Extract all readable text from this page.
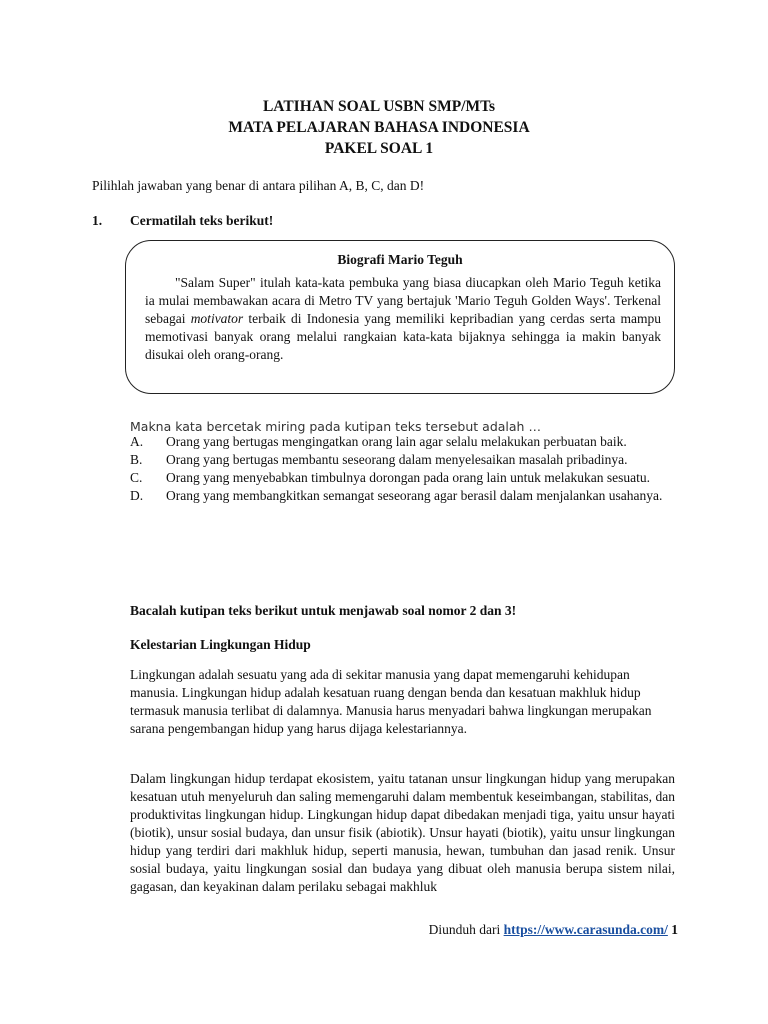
LATIHAN SOAL USBN SMP/MTs
MATA PELAJARAN BAHASA INDONESIA
PAKEL SOAL 1
Pilihlah jawaban yang benar di antara pilihan A, B, C, dan D!
1. Cermatilah teks berikut!
Biografi Mario Teguh
"Salam Super" itulah kata-kata pembuka yang biasa diucapkan oleh Mario Teguh ketika ia mulai membawakan acara di Metro TV yang bertajuk 'Mario Teguh Golden Ways'. Terkenal sebagai motivator terbaik di Indonesia yang memiliki kepribadian yang cerdas serta mampu memotivasi banyak orang melalui rangkaian kata-kata bijaknya sehingga ia makin banyak disukai oleh orang-orang.
Makna kata bercetak miring pada kutipan teks tersebut adalah …
A.	Orang yang bertugas mengingatkan orang lain agar selalu melakukan perbuatan baik.
B.	Orang yang bertugas membantu seseorang dalam menyelesaikan masalah pribadinya.
C.	Orang yang menyebabkan timbulnya dorongan pada orang lain untuk melakukan sesuatu.
D.	Orang yang membangkitkan semangat seseorang agar berasil dalam menjalankan usahanya.
Bacalah kutipan teks berikut untuk menjawab soal nomor 2 dan 3!
Kelestarian Lingkungan Hidup
Lingkungan adalah sesuatu yang ada di sekitar manusia yang dapat memengaruhi kehidupan manusia. Lingkungan hidup adalah kesatuan ruang dengan benda dan kesatuan makhluk hidup termasuk manusia terlibat di dalamnya. Manusia harus menyadari bahwa lingkungan merupakan sarana pengembangan hidup yang harus dijaga kelestariannya.
Dalam lingkungan hidup terdapat ekosistem, yaitu tatanan unsur lingkungan hidup yang merupakan kesatuan utuh menyeluruh dan saling memengaruhi dalam membentuk keseimbangan, stabilitas, dan produktivitas lingkungan hidup. Lingkungan hidup dapat dibedakan menjadi tiga, yaitu unsur hayati (biotik), unsur sosial budaya, dan unsur fisik (abiotik). Unsur hayati (biotik), yaitu unsur lingkungan hidup yang terdiri dari makhluk hidup, seperti manusia, hewan, tumbuhan dan jasad renik. Unsur sosial budaya, yaitu lingkungan sosial dan budaya yang dibuat oleh manusia berupa sistem nilai, gagasan, dan keyakinan dalam perilaku sebagai makhluk
Diunduh dari https://www.carasunda.com/ 1
